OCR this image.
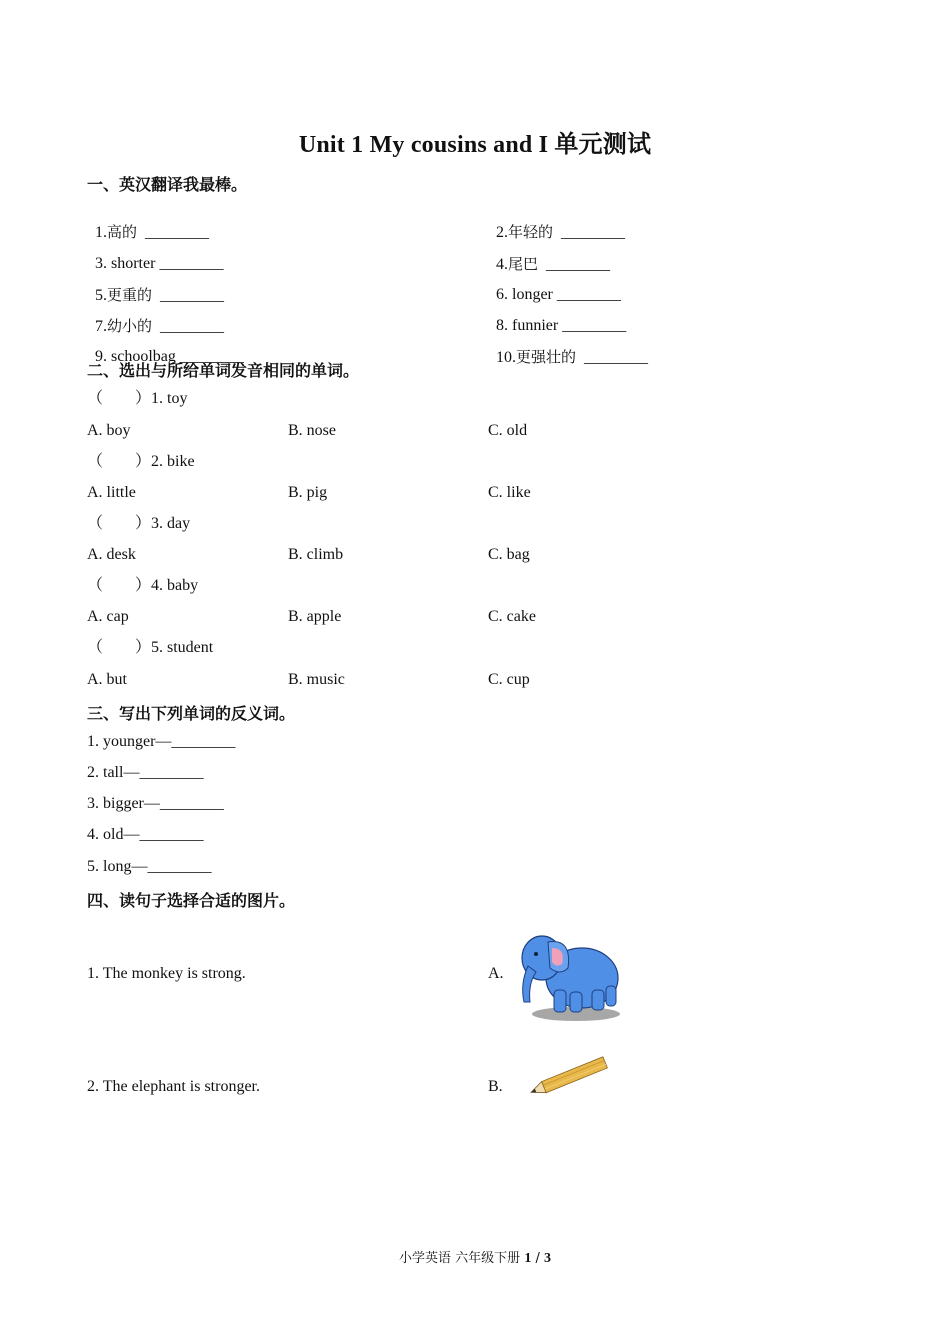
Unit 1 My cousins and I 单元测试
一、英汉翻译我最棒。

1.高的 ________	2.年轻的 ________

3. shorter ________	4.尾巴 ________

5.更重的 ________	6. longer ________

7.幼小的 ________	8. funnier ________

9. schoolbag ________	10.更强壮的 ________

二、选出与所给单词发音相同的单词。
（        ）1. toy
A. boy	B. nose	C. old
（        ）2. bike
A. little	B. pig	C. like
（        ）3. day
A. desk	B. climb	C. bag
（        ）4. baby
A. cap	B. apple	C. cake
（        ）5. student
A. but	B. music	C. cup
三、写出下列单词的反义词。
1. younger—________
2. tall—________
3. bigger—________
4. old—________
5. long—________
四、读句子选择合适的图片。
1. The monkey is strong.	A.
2. The elephant is stronger.	B.
小学英语 六年级下册 1 / 3
